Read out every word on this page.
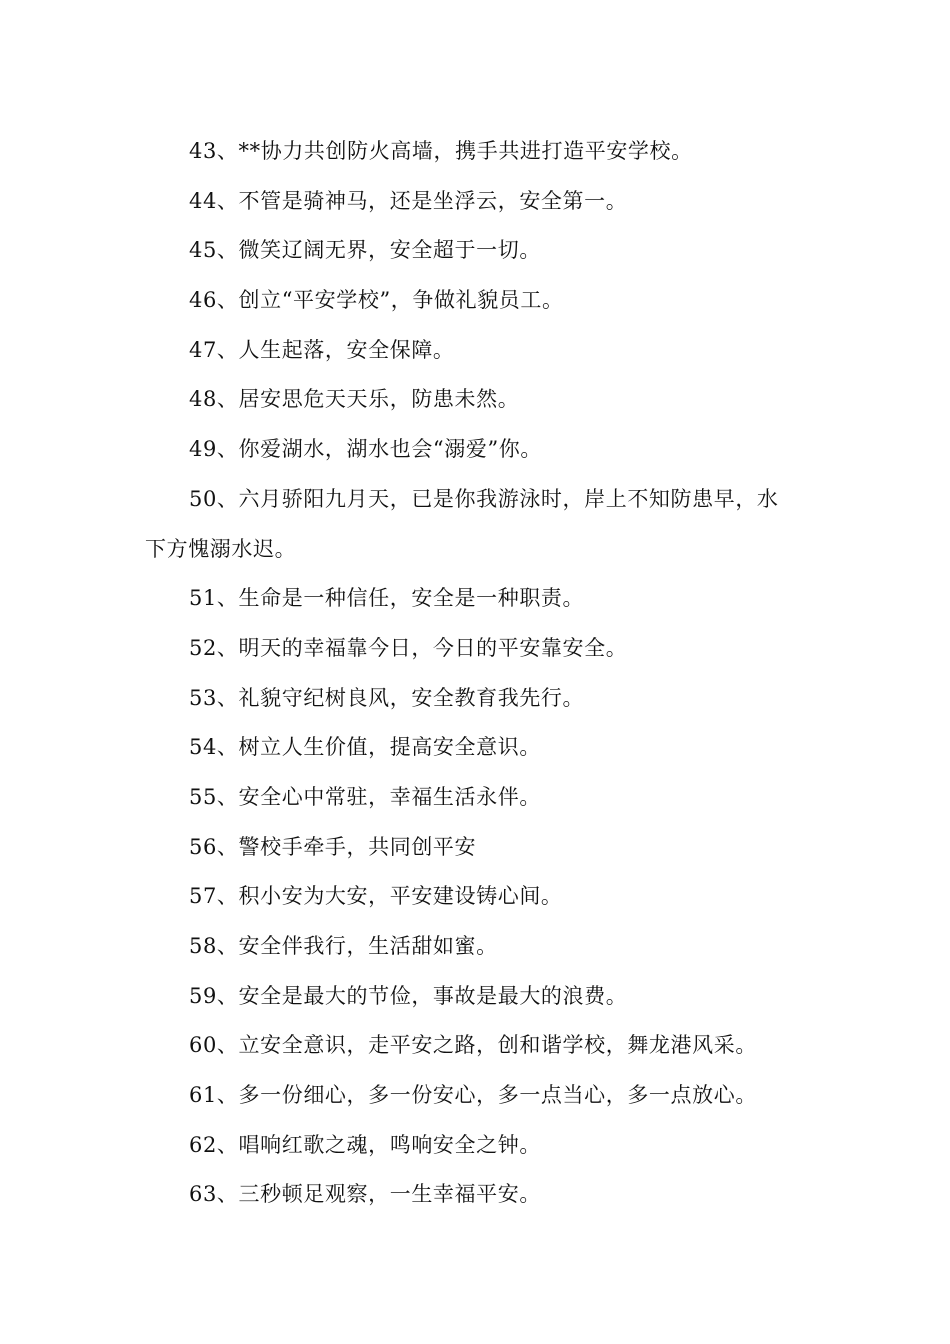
43、**协力共创防火高墙，携手共进打造平安学校。
44、不管是骑神马，还是坐浮云，安全第一。
45、微笑辽阔无界，安全超于一切。
46、创立“平安学校”，争做礼貌员工。
47、人生起落，安全保障。
48、居安思危天天乐，防患未然。
49、你爱湖水，湖水也会“溺爱”你。
50、六月骄阳九月天，已是你我游泳时，岸上不知防患早，水
下方愧溺水迟。
51、生命是一种信任，安全是一种职责。
52、明天的幸福靠今日，今日的平安靠安全。
53、礼貌守纪树良风，安全教育我先行。
54、树立人生价值，提高安全意识。
55、安全心中常驻，幸福生活永伴。
56、警校手牵手，共同创平安
57、积小安为大安，平安建设铸心间。
58、安全伴我行，生活甜如蜜。
59、安全是最大的节俭，事故是最大的浪费。
60、立安全意识，走平安之路，创和谐学校，舞龙港风采。
61、多一份细心，多一份安心，多一点当心，多一点放心。
62、唱响红歌之魂，鸣响安全之钟。
63、三秒顿足观察，一生幸福平安。
